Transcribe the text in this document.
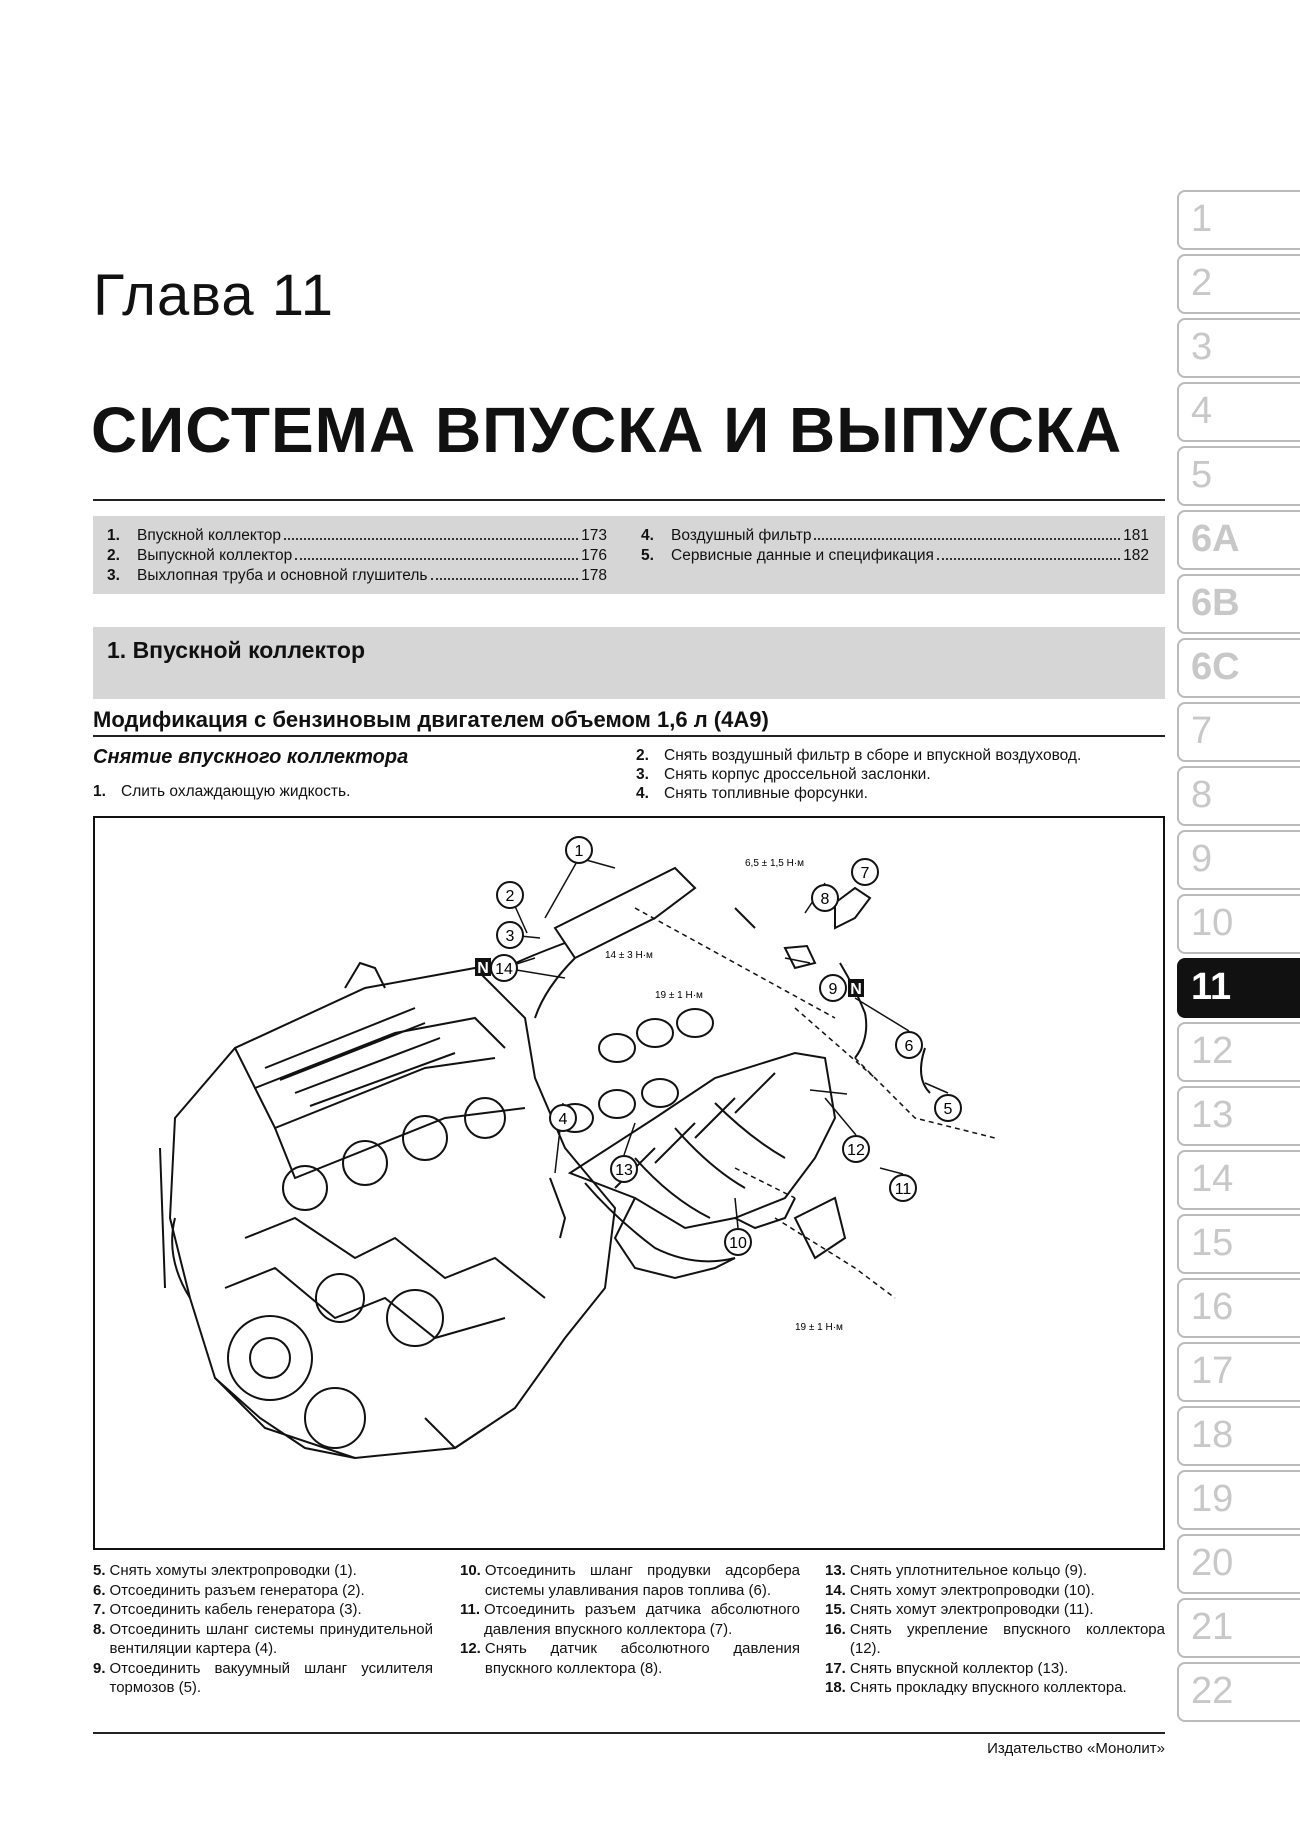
Глава 11
СИСТЕМА ВПУСКА И ВЫПУСКА
1.	Впускной коллектор	173
2.	Выпускной коллектор	176
3.	Выхлопная труба и основной глушитель	178
4.	Воздушный фильтр	181
5.	Сервисные данные и спецификация	182
1. Впускной коллектор
Модификация с бензиновым двигателем объемом 1,6 л (4A9)
Снятие впускного коллектора
1. Слить охлаждающую жидкость.
2. Снять воздушный фильтр в сборе и впускной воздуховод.
3. Снять корпус дроссельной заслонки.
4. Снять топливные форсунки.
1
2
3
4
5
6
7
8
9
10
11
12
13
14
N
N
6,5 ± 1,5 Н·м
14 ± 3 Н·м
19 ± 1 Н·м
19 ± 1 Н·м
5. Снять хомуты электропроводки (1).
6. Отсоединить разъем генератора (2).
7. Отсоединить кабель генератора (3).
8. Отсоединить шланг системы принудительной вентиляции картера (4).
9. Отсоединить вакуумный шланг усилителя тормозов (5).
10. Отсоединить шланг продувки адсорбера системы улавливания паров топлива (6).
11. Отсоединить разъем датчика абсолютного давления впускного коллектора (7).
12. Снять датчик абсолютного давления впускного коллектора (8).
13. Снять уплотнительное кольцо (9).
14. Снять хомут электропроводки (10).
15. Снять хомут электропроводки (11).
16. Снять укрепление впускного коллектора (12).
17. Снять впускной коллектор (13).
18. Снять прокладку впускного коллектора.
Издательство «Монолит»
1
2
3
4
5
6A
6B
6C
7
8
9
10
11
12
13
14
15
16
17
18
19
20
21
22
